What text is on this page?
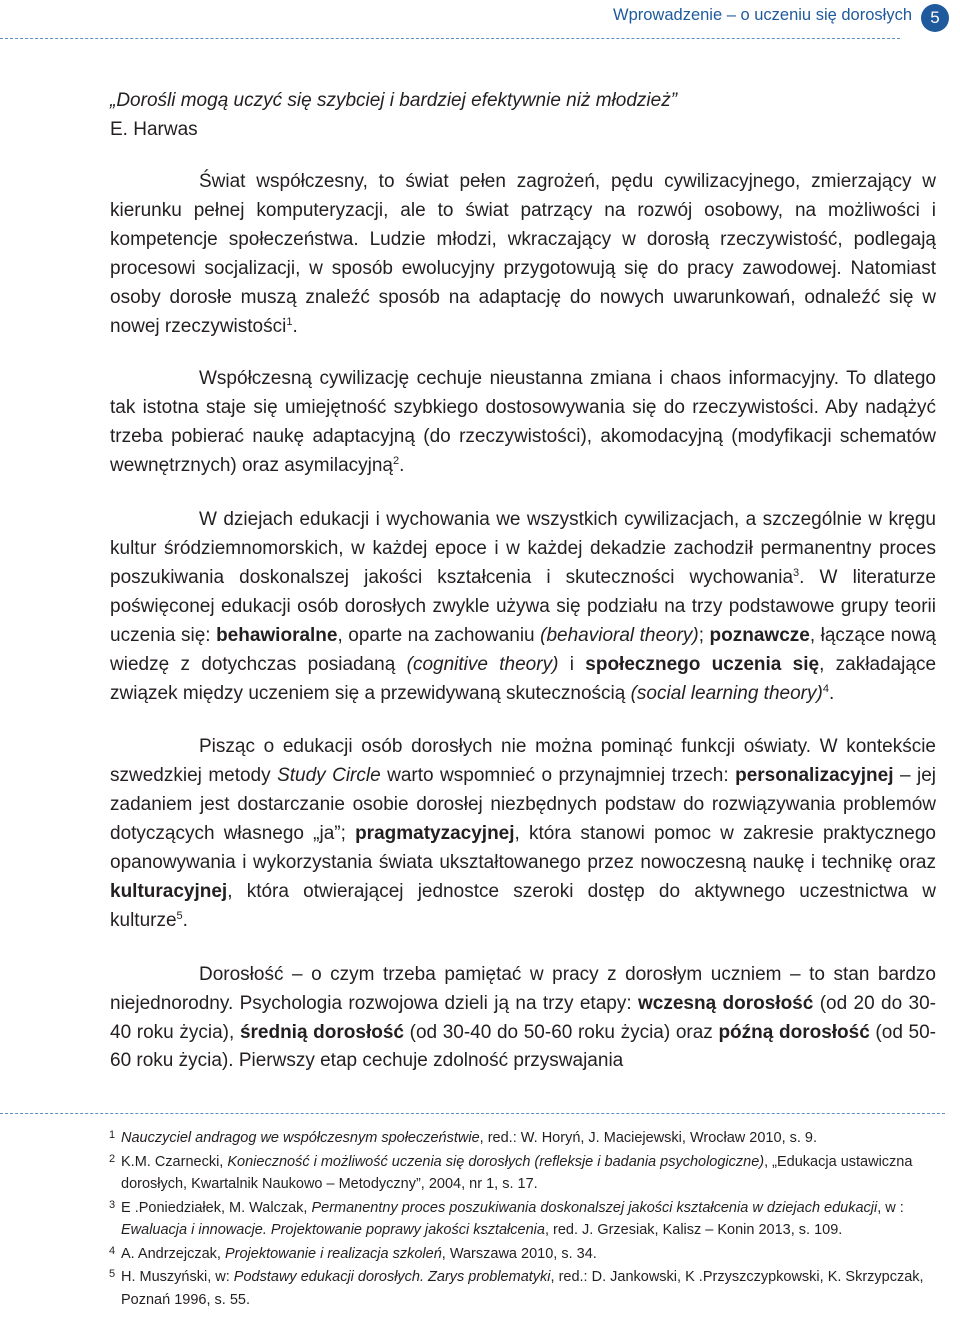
Wprowadzenie – o uczeniu się dorosłych	5

„Dorośli mogą uczyć się szybciej i bardziej efektywnie niż młodzież”

E. Harwas

Świat współczesny, to świat pełen zagrożeń, pędu cywilizacyjnego, zmierzający w kierunku pełnej komputeryzacji, ale to świat patrzący na rozwój osobowy, na możliwości i kompetencje społeczeństwa. Ludzie młodzi, wkraczający w dorosłą rzeczywistość, podlegają procesowi socjalizacji, w sposób ewolucyjny przygotowują się do pracy zawodowej. Natomiast osoby dorosłe muszą znaleźć sposób na adaptację do nowych uwarunkowań, odnaleźć się w nowej rzeczywistości$^1$.

Współczesną cywilizację cechuje nieustanna zmiana i chaos informacyjny. To dlatego tak istotna staje się umiejętność szybkiego dostosowywania się do rzeczywistości. Aby nadążyć trzeba pobierać naukę adaptacyjną (do rzeczywistości), akomodacyjną (modyfikacji schematów wewnętrznych) oraz asymilacyjną$^2$.

W dziejach edukacji i wychowania we wszystkich cywilizacjach, a szczególnie w kręgu kultur śródziemnomorskich, w każdej epoce i w każdej dekadzie zachodził permanentny proces poszukiwania doskonalszej jakości kształcenia i skuteczności wychowania$^3$. W literaturze poświęconej edukacji osób dorosłych zwykle używa się podziału na trzy podstawowe grupy teorii uczenia się: behawioralne, oparte na zachowaniu (behavioral theory); poznawcze, łączące nową wiedzę z dotychczas posiadaną (cognitive theory) i społecznego uczenia się, zakładające związek między uczeniem się a przewidywaną skutecznością (social learning theory)$^4$.

Pisząc o edukacji osób dorosłych nie można pominąć funkcji oświaty. W kontekście szwedzkiej metody Study Circle warto wspomnieć o przynajmniej trzech: personalizacyjnej – jej zadaniem jest dostarczanie osobie dorosłej niezbędnych podstaw do rozwiązywania problemów dotyczących własnego „ja”; pragmatyzacyjnej, która stanowi pomoc w zakresie praktycznego opanowywania i wykorzystania świata ukształtowanego przez nowoczesną naukę i technikę oraz kulturacyjnej, która otwierającej jednostce szeroki dostęp do aktywnego uczestnictwa w kulturze$^5$.

Dorosłość – o czym trzeba pamiętać w pracy z dorosłym uczniem – to stan bardzo niejednorodny. Psychologia rozwojowa dzieli ją na trzy etapy: wczesną dorosłość (od 20 do 30-40 roku życia), średnią dorosłość (od 30-40 do 50-60 roku życia) oraz późną dorosłość (od 50-60 roku życia). Pierwszy etap cechuje zdolność przyswajania

1 Nauczyciel andragog we współczesnym społeczeństwie, red.: W. Horyń, J. Maciejewski, Wrocław 2010, s. 9.
2 K.M. Czarnecki, Konieczność i możliwość uczenia się dorosłych (refleksje i badania psychologiczne), „Edukacja ustawiczna dorosłych, Kwartalnik Naukowo – Metodyczny”, 2004, nr 1, s. 17.
3 E .Poniedziałek, M. Walczak, Permanentny proces poszukiwania doskonalszej jakości kształcenia w dziejach edukacji, w : Ewaluacja i innowacje. Projektowanie poprawy jakości kształcenia, red. J. Grzesiak, Kalisz – Konin 2013, s. 109.
4 A. Andrzejczak, Projektowanie i realizacja szkoleń, Warszawa 2010, s. 34.
5 H. Muszyński, w: Podstawy edukacji dorosłych. Zarys problematyki, red.: D. Jankowski, K .Przyszczypkowski, K. Skrzypczak, Poznań 1996, s. 55.
